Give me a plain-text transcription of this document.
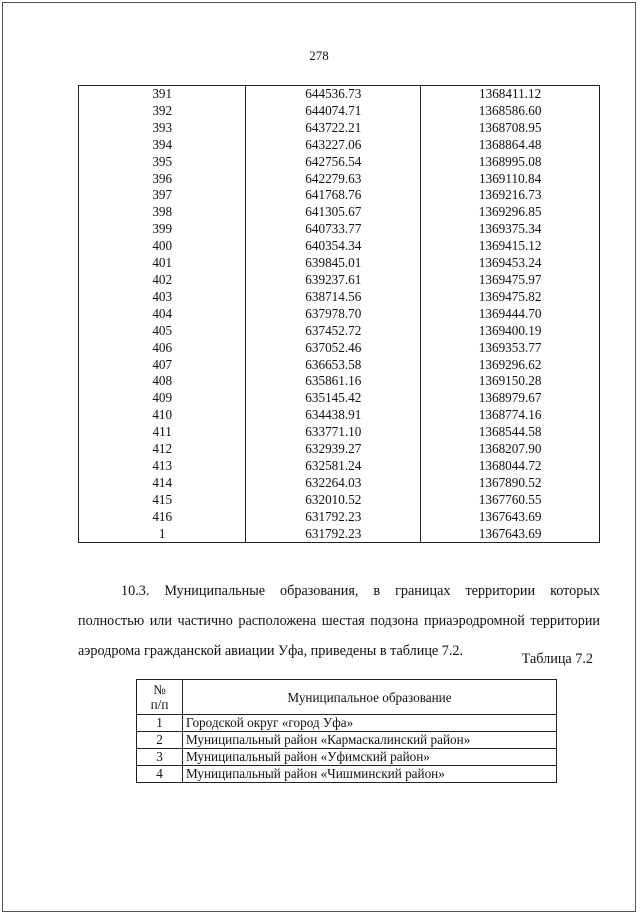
278
391	644536.73	1368411.12
392	644074.71	1368586.60
393	643722.21	1368708.95
394	643227.06	1368864.48
395	642756.54	1368995.08
396	642279.63	1369110.84
397	641768.76	1369216.73
398	641305.67	1369296.85
399	640733.77	1369375.34
400	640354.34	1369415.12
401	639845.01	1369453.24
402	639237.61	1369475.97
403	638714.56	1369475.82
404	637978.70	1369444.70
405	637452.72	1369400.19
406	637052.46	1369353.77
407	636653.58	1369296.62
408	635861.16	1369150.28
409	635145.42	1368979.67
410	634438.91	1368774.16
411	633771.10	1368544.58
412	632939.27	1368207.90
413	632581.24	1368044.72
414	632264.03	1367890.52
415	632010.52	1367760.55
416	631792.23	1367643.69
1	631792.23	1367643.69
10.3. Муниципальные образования, в границах территории которых полностью или частично расположена шестая подзона приаэродромной территории аэродрома гражданской авиации Уфа, приведены в таблице 7.2.	Таблица 7.2
№
п/п	Муниципальное образование
1	Городской округ «город Уфа»
2	Муниципальный район «Кармаскалинский район»
3	Муниципальный район «Уфимский район»
4	Муниципальный район «Чишминский район»
